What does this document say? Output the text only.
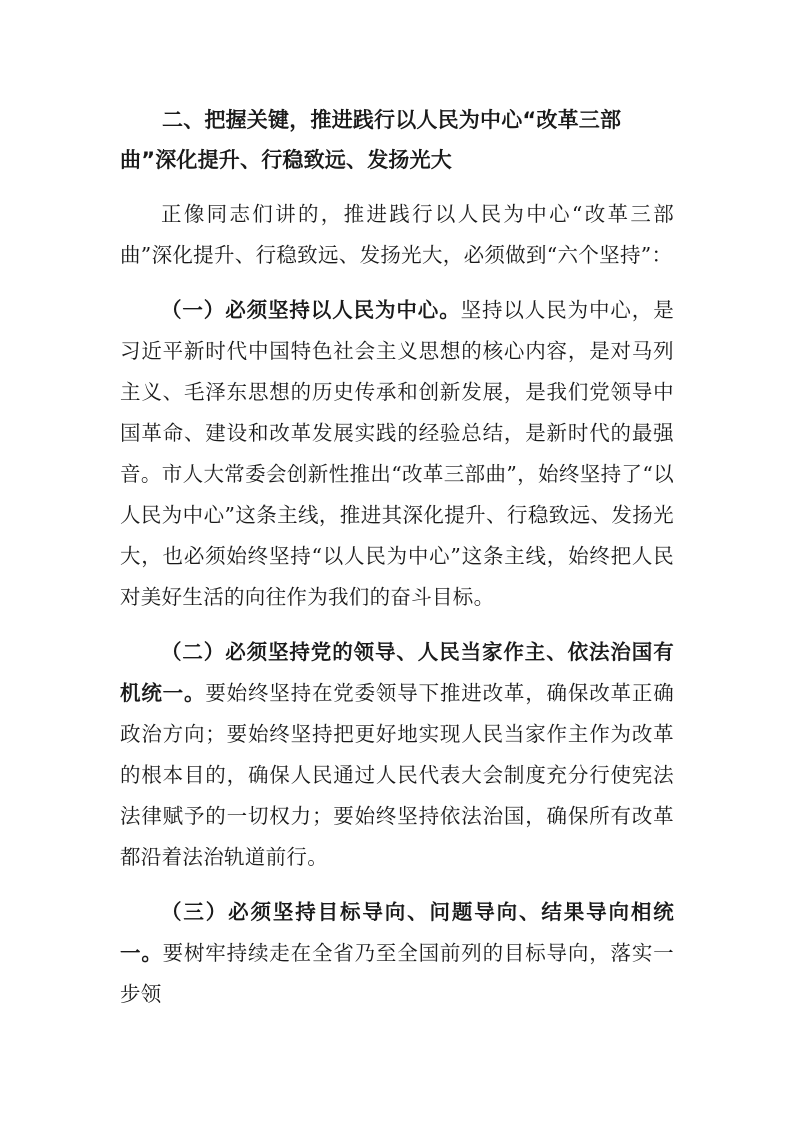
二、把握关键，推进践行以人民为中心“改革三部曲”深化提升、行稳致远、发扬光大

正像同志们讲的，推进践行以人民为中心“改革三部曲”深化提升、行稳致远、发扬光大，必须做到“六个坚持”：

（一）必须坚持以人民为中心。坚持以人民为中心，是习近平新时代中国特色社会主义思想的核心内容，是对马列主义、毛泽东思想的历史传承和创新发展，是我们党领导中国革命、建设和改革发展实践的经验总结，是新时代的最强音。市人大常委会创新性推出“改革三部曲”，始终坚持了“以人民为中心”这条主线，推进其深化提升、行稳致远、发扬光大，也必须始终坚持“以人民为中心”这条主线，始终把人民对美好生活的向往作为我们的奋斗目标。

（二）必须坚持党的领导、人民当家作主、依法治国有机统一。要始终坚持在党委领导下推进改革，确保改革正确政治方向；要始终坚持把更好地实现人民当家作主作为改革的根本目的，确保人民通过人民代表大会制度充分行使宪法法律赋予的一切权力；要始终坚持依法治国，确保所有改革都沿着法治轨道前行。

（三）必须坚持目标导向、问题导向、结果导向相统一。要树牢持续走在全省乃至全国前列的目标导向，落实一步领
